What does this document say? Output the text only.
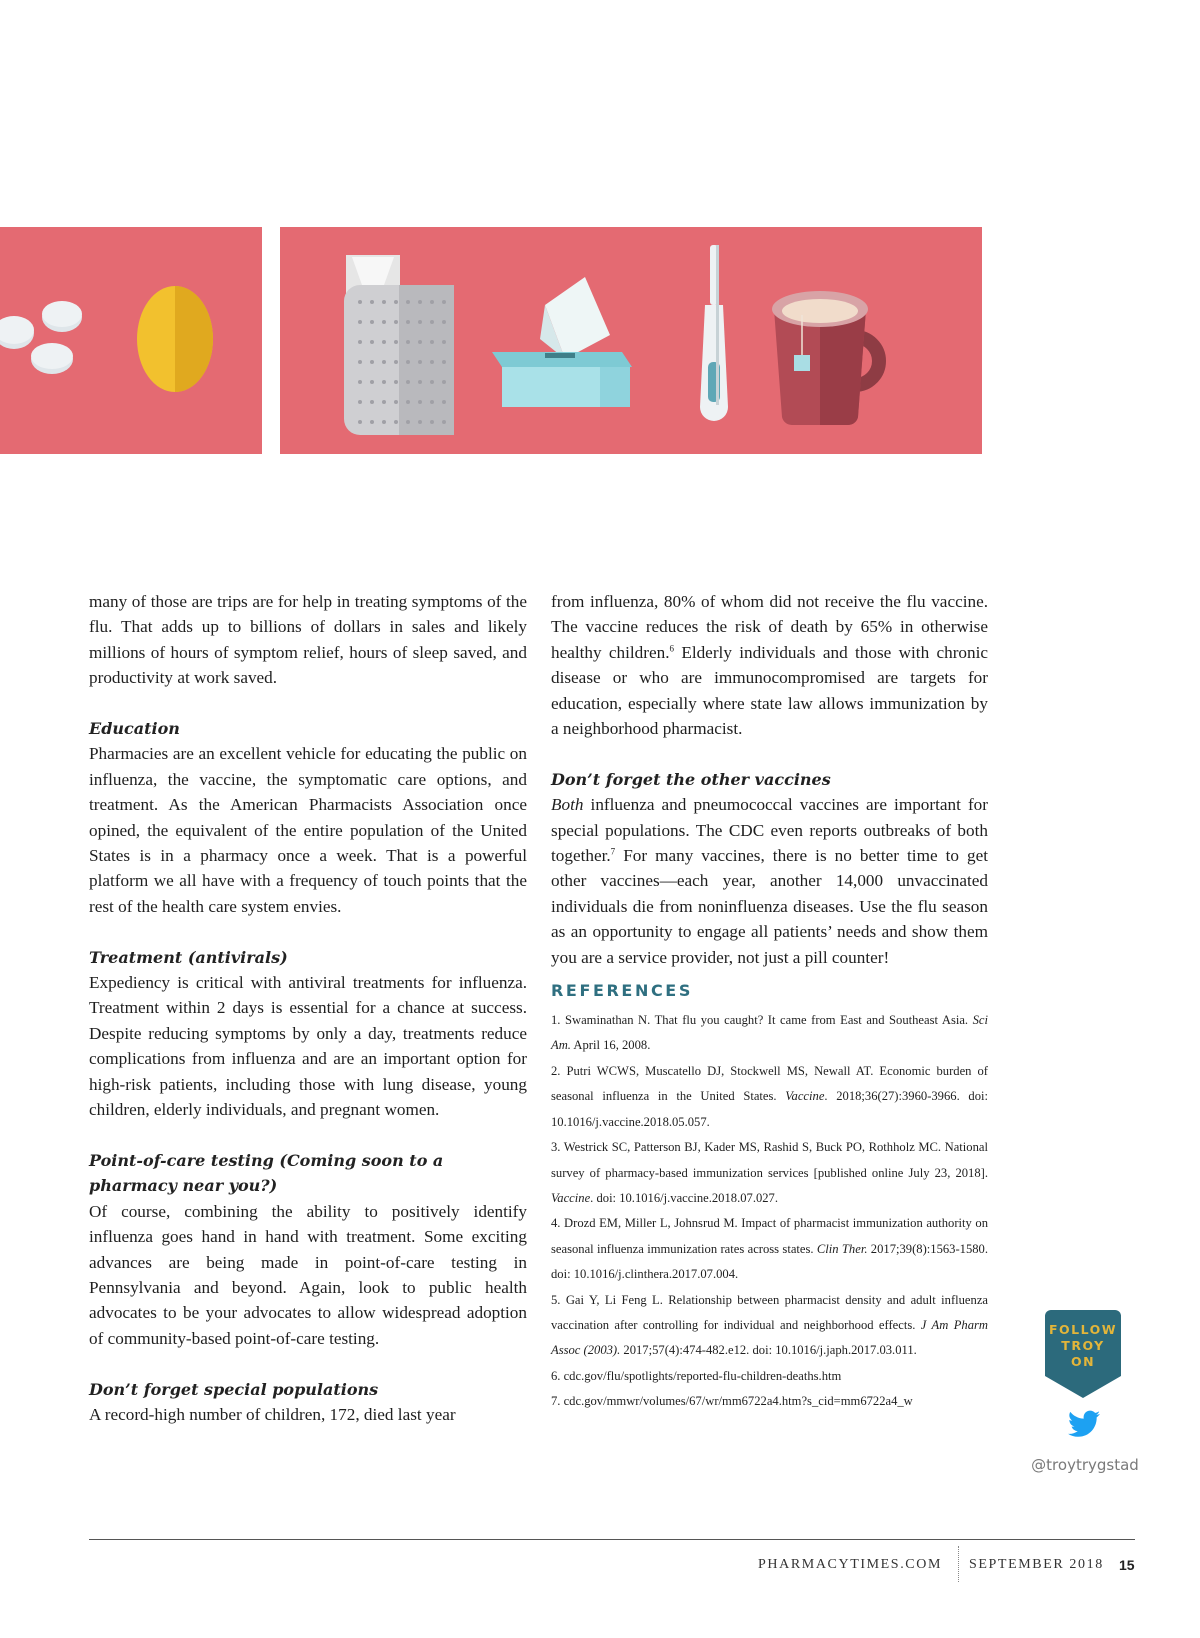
many of those are trips are for help in treating symptoms of the flu. That adds up to billions of dollars in sales and likely millions of hours of symptom relief, hours of sleep saved, and productivity at work saved.

Education

Pharmacies are an excellent vehicle for educating the public on influenza, the vaccine, the symptomatic care options, and treatment. As the American Pharmacists Association once opined, the equivalent of the entire population of the United States is in a pharmacy once a week. That is a powerful platform we all have with a frequency of touch points that the rest of the health care system envies.

Treatment (antivirals)

Expediency is critical with antiviral treatments for influenza. Treatment within 2 days is essential for a chance at success. Despite reducing symptoms by only a day, treatments reduce complications from influenza and are an important option for high-risk patients, including those with lung disease, young children, elderly individuals, and pregnant women.

Point-of-care testing (Coming soon to a pharmacy near you?)

Of course, combining the ability to positively identify influenza goes hand in hand with treatment. Some exciting advances are being made in point-of-care testing in Pennsylvania and beyond. Again, look to public health advocates to be your advocates to allow widespread adoption of community-based point-of-care testing.

Don’t forget special populations

A record-high number of children, 172, died last year

from influenza, 80% of whom did not receive the flu vaccine. The vaccine reduces the risk of death by 65% in otherwise healthy children.$^6$ Elderly individuals and those with chronic disease or who are immunocompromised are targets for education, especially where state law allows immunization by a neighborhood pharmacist.

Don’t forget the other vaccines

Both influenza and pneumococcal vaccines are important for special populations. The CDC even reports outbreaks of both together.$^7$ For many vaccines, there is no better time to get other vaccines—each year, another 14,000 unvaccinated individuals die from noninfluenza diseases. Use the flu season as an opportunity to engage all patients’ needs and show them you are a service provider, not just a pill counter!

REFERENCES

1. Swaminathan N. That flu you caught? It came from East and Southeast Asia. Sci Am. April 16, 2008.

2. Putri WCWS, Muscatello DJ, Stockwell MS, Newall AT. Economic burden of seasonal influenza in the United States. Vaccine. 2018;36(27):3960-3966. doi: 10.1016/j.vaccine.2018.05.057.

3. Westrick SC, Patterson BJ, Kader MS, Rashid S, Buck PO, Rothholz MC. National survey of pharmacy-based immunization services [published online July 23, 2018]. Vaccine. doi: 10.1016/j.vaccine.2018.07.027.

4. Drozd EM, Miller L, Johnsrud M. Impact of pharmacist immunization authority on seasonal influenza immunization rates across states. Clin Ther. 2017;39(8):1563-1580. doi: 10.1016/j.clinthera.2017.07.004.

5. Gai Y, Li Feng L. Relationship between pharmacist density and adult influenza vaccination after controlling for individual and neighborhood effects. J Am Pharm Assoc (2003). 2017;57(4):474-482.e12. doi: 10.1016/j.japh.2017.03.011.

6. cdc.gov/flu/spotlights/reported-flu-children-deaths.htm

7. cdc.gov/mmwr/volumes/67/wr/mm6722a4.htm?s_cid=mm6722a4_w

FOLLOW
TROY
ON
@troytrygstad
PHARMACYTIMES.COM SEPTEMBER 2018 15
